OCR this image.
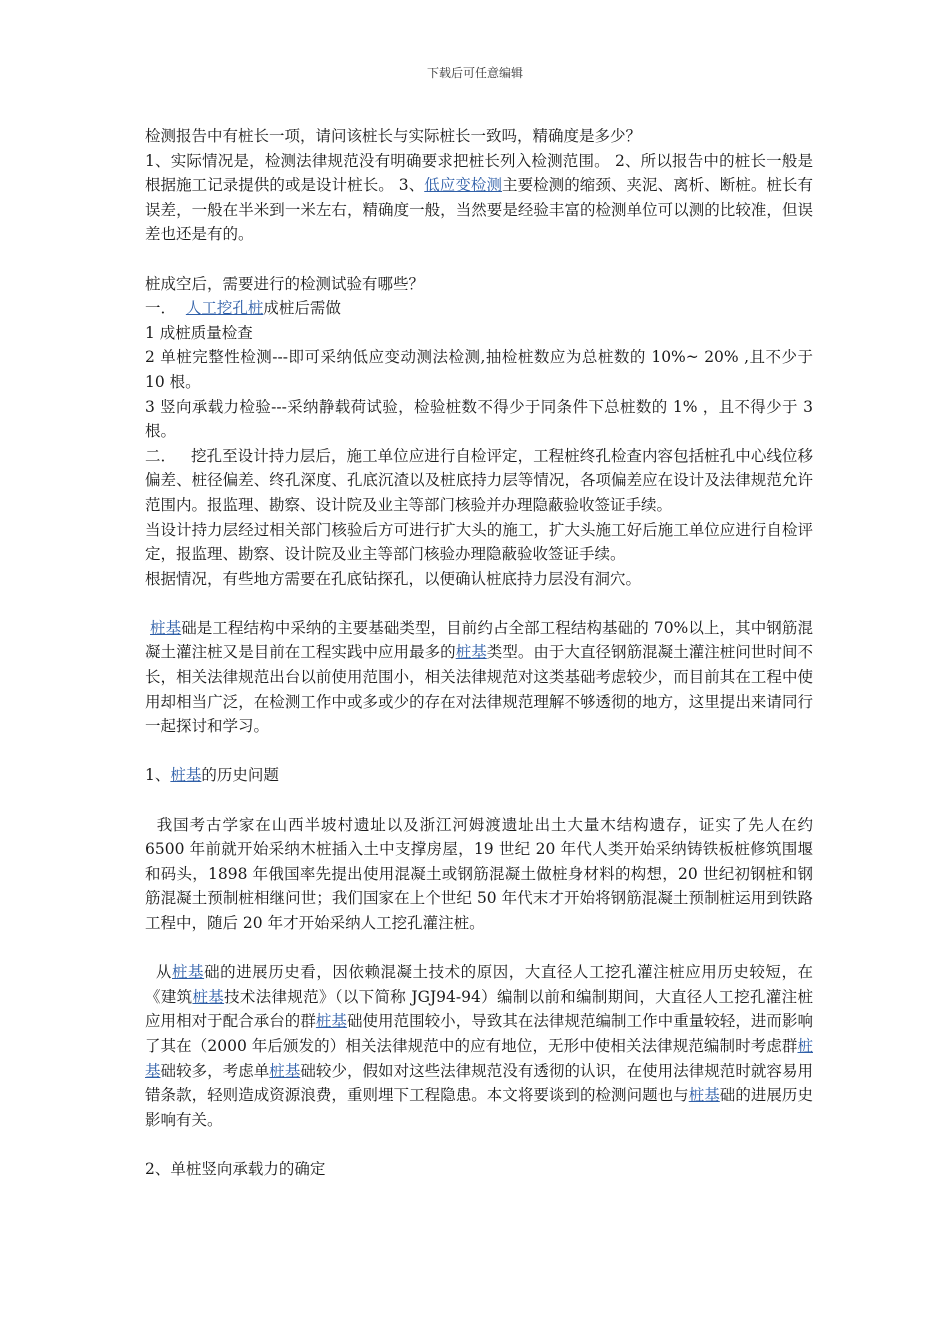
下载后可任意编辑

检测报告中有桩长一项，请问该桩长与实际桩长一致吗，精确度是多少？

1、实际情况是，检测法律规范没有明确要求把桩长列入检测范围。 2、所以报告中的桩长一般是根据施工记录提供的或是设计桩长。 3、低应变检测主要检测的缩颈、夹泥、离析、断桩。桩长有误差，一般在半米到一米左右，精确度一般，当然要是经验丰富的检测单位可以测的比较准，但误差也还是有的。

桩成空后，需要进行的检测试验有哪些？

一．  人工挖孔桩成桩后需做

1 成桩质量检查

2 单桩完整性检测---即可采纳低应变动测法检测,抽检桩数应为总桩数的 10%~ 20% ,且不少于 10 根。

3 竖向承载力检验---采纳静载荷试验，检验桩数不得少于同条件下总桩数的 1% ，且不得少于 3 根。

二．   挖孔至设计持力层后，施工单位应进行自检评定，工程桩终孔检查内容包括桩孔中心线位移偏差、桩径偏差、终孔深度、孔底沉渣以及桩底持力层等情况，各项偏差应在设计及法律规范允许范围内。报监理、勘察、设计院及业主等部门核验并办理隐蔽验收签证手续。

当设计持力层经过相关部门核验后方可进行扩大头的施工，扩大头施工好后施工单位应进行自检评定，报监理、勘察、设计院及业主等部门核验办理隐蔽验收签证手续。

根据情况，有些地方需要在孔底钻探孔，以便确认桩底持力层没有洞穴。

桩基础是工程结构中采纳的主要基础类型，目前约占全部工程结构基础的 70%以上，其中钢筋混凝土灌注桩又是目前在工程实践中应用最多的桩基类型。由于大直径钢筋混凝土灌注桩问世时间不长，相关法律规范出台以前使用范围小，相关法律规范对这类基础考虑较少，而目前其在工程中使用却相当广泛，在检测工作中或多或少的存在对法律规范理解不够透彻的地方，这里提出来请同行一起探讨和学习。

1、桩基的历史问题

我国考古学家在山西半坡村遗址以及浙江河姆渡遗址出土大量木结构遗存，证实了先人在约 6500 年前就开始采纳木桩插入土中支撑房屋，19 世纪 20 年代人类开始采纳铸铁板桩修筑围堰和码头，1898 年俄国率先提出使用混凝土或钢筋混凝土做桩身材料的构想，20 世纪初钢桩和钢筋混凝土预制桩相继问世；我们国家在上个世纪 50 年代末才开始将钢筋混凝土预制桩运用到铁路工程中，随后 20 年才开始采纳人工挖孔灌注桩。

从桩基础的进展历史看，因依赖混凝土技术的原因，大直径人工挖孔灌注桩应用历史较短，在《建筑桩基技术法律规范》（以下简称 JGJ94-94）编制以前和编制期间，大直径人工挖孔灌注桩应用相对于配合承台的群桩基础使用范围较小，导致其在法律规范编制工作中重量较轻，进而影响了其在（2000 年后颁发的）相关法律规范中的应有地位，无形中使相关法律规范编制时考虑群桩基础较多，考虑单桩基础较少，假如对这些法律规范没有透彻的认识，在使用法律规范时就容易用错条款，轻则造成资源浪费，重则埋下工程隐患。本文将要谈到的检测问题也与桩基础的进展历史影响有关。

2、单桩竖向承载力的确定
